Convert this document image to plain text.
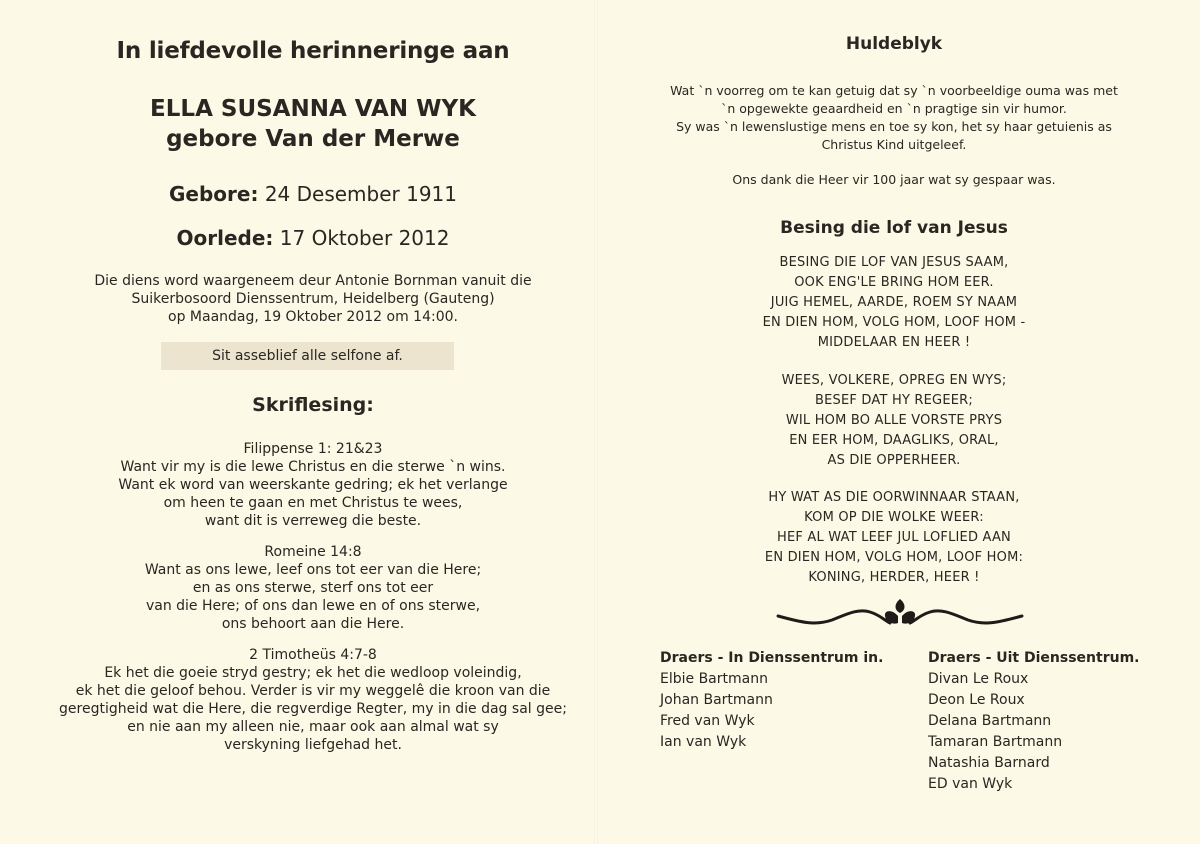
In liefdevolle herinneringe aan
ELLA SUSANNA VAN WYK
gebore Van der Merwe
Gebore: 24 Desember 1911
Oorlede: 17 Oktober 2012
Die diens word waargeneem deur Antonie Bornman vanuit die
Suikerbosoord Dienssentrum, Heidelberg (Gauteng)
op Maandag, 19 Oktober 2012 om 14:00.
Sit asseblief alle selfone af.
Skriflesing:
Filippense 1: 21&23
Want vir my is die lewe Christus en die sterwe `n wins.
Want ek word van weerskante gedring; ek het verlange
om heen te gaan en met Christus te wees,
want dit is verreweg die beste.
Romeine 14:8
Want as ons lewe, leef ons tot eer van die Here;
en as ons sterwe, sterf ons tot eer
van die Here; of ons dan lewe en of ons sterwe,
ons behoort aan die Here.
2 Timotheüs 4:7-8
Ek het die goeie stryd gestry; ek het die wedloop voleindig,
ek het die geloof behou. Verder is vir my weggelê die kroon van die
geregtigheid wat die Here, die regverdige Regter, my in die dag sal gee;
en nie aan my alleen nie, maar ook aan almal wat sy
verskyning liefgehad het.
Huldeblyk
Wat `n voorreg om te kan getuig dat sy `n voorbeeldige ouma was met
`n opgewekte geaardheid en `n pragtige sin vir humor.
Sy was `n lewenslustige mens en toe sy kon, het sy haar getuienis as
Christus Kind uitgeleef.
Ons dank die Heer vir 100 jaar wat sy gespaar was.
Besing die lof van Jesus
BESING DIE LOF VAN JESUS SAAM,
OOK ENG'LE BRING HOM EER.
JUIG HEMEL, AARDE, ROEM SY NAAM
EN DIEN HOM, VOLG HOM, LOOF HOM -
MIDDELAAR EN HEER !
WEES, VOLKERE, OPREG EN WYS;
BESEF DAT HY REGEER;
WIL HOM BO ALLE VORSTE PRYS
EN EER HOM, DAAGLIKS, ORAL,
AS DIE OPPERHEER.
HY WAT AS DIE OORWINNAAR STAAN,
KOM OP DIE WOLKE WEER:
HEF AL WAT LEEF JUL LOFLIED AAN
EN DIEN HOM, VOLG HOM, LOOF HOM:
KONING, HERDER, HEER !
Draers - In Dienssentrum in.
Elbie Bartmann
Johan Bartmann
Fred van Wyk
Ian van Wyk
Draers - Uit Dienssentrum.
Divan Le Roux
Deon Le Roux
Delana Bartmann
Tamaran Bartmann
Natashia Barnard
ED van Wyk
